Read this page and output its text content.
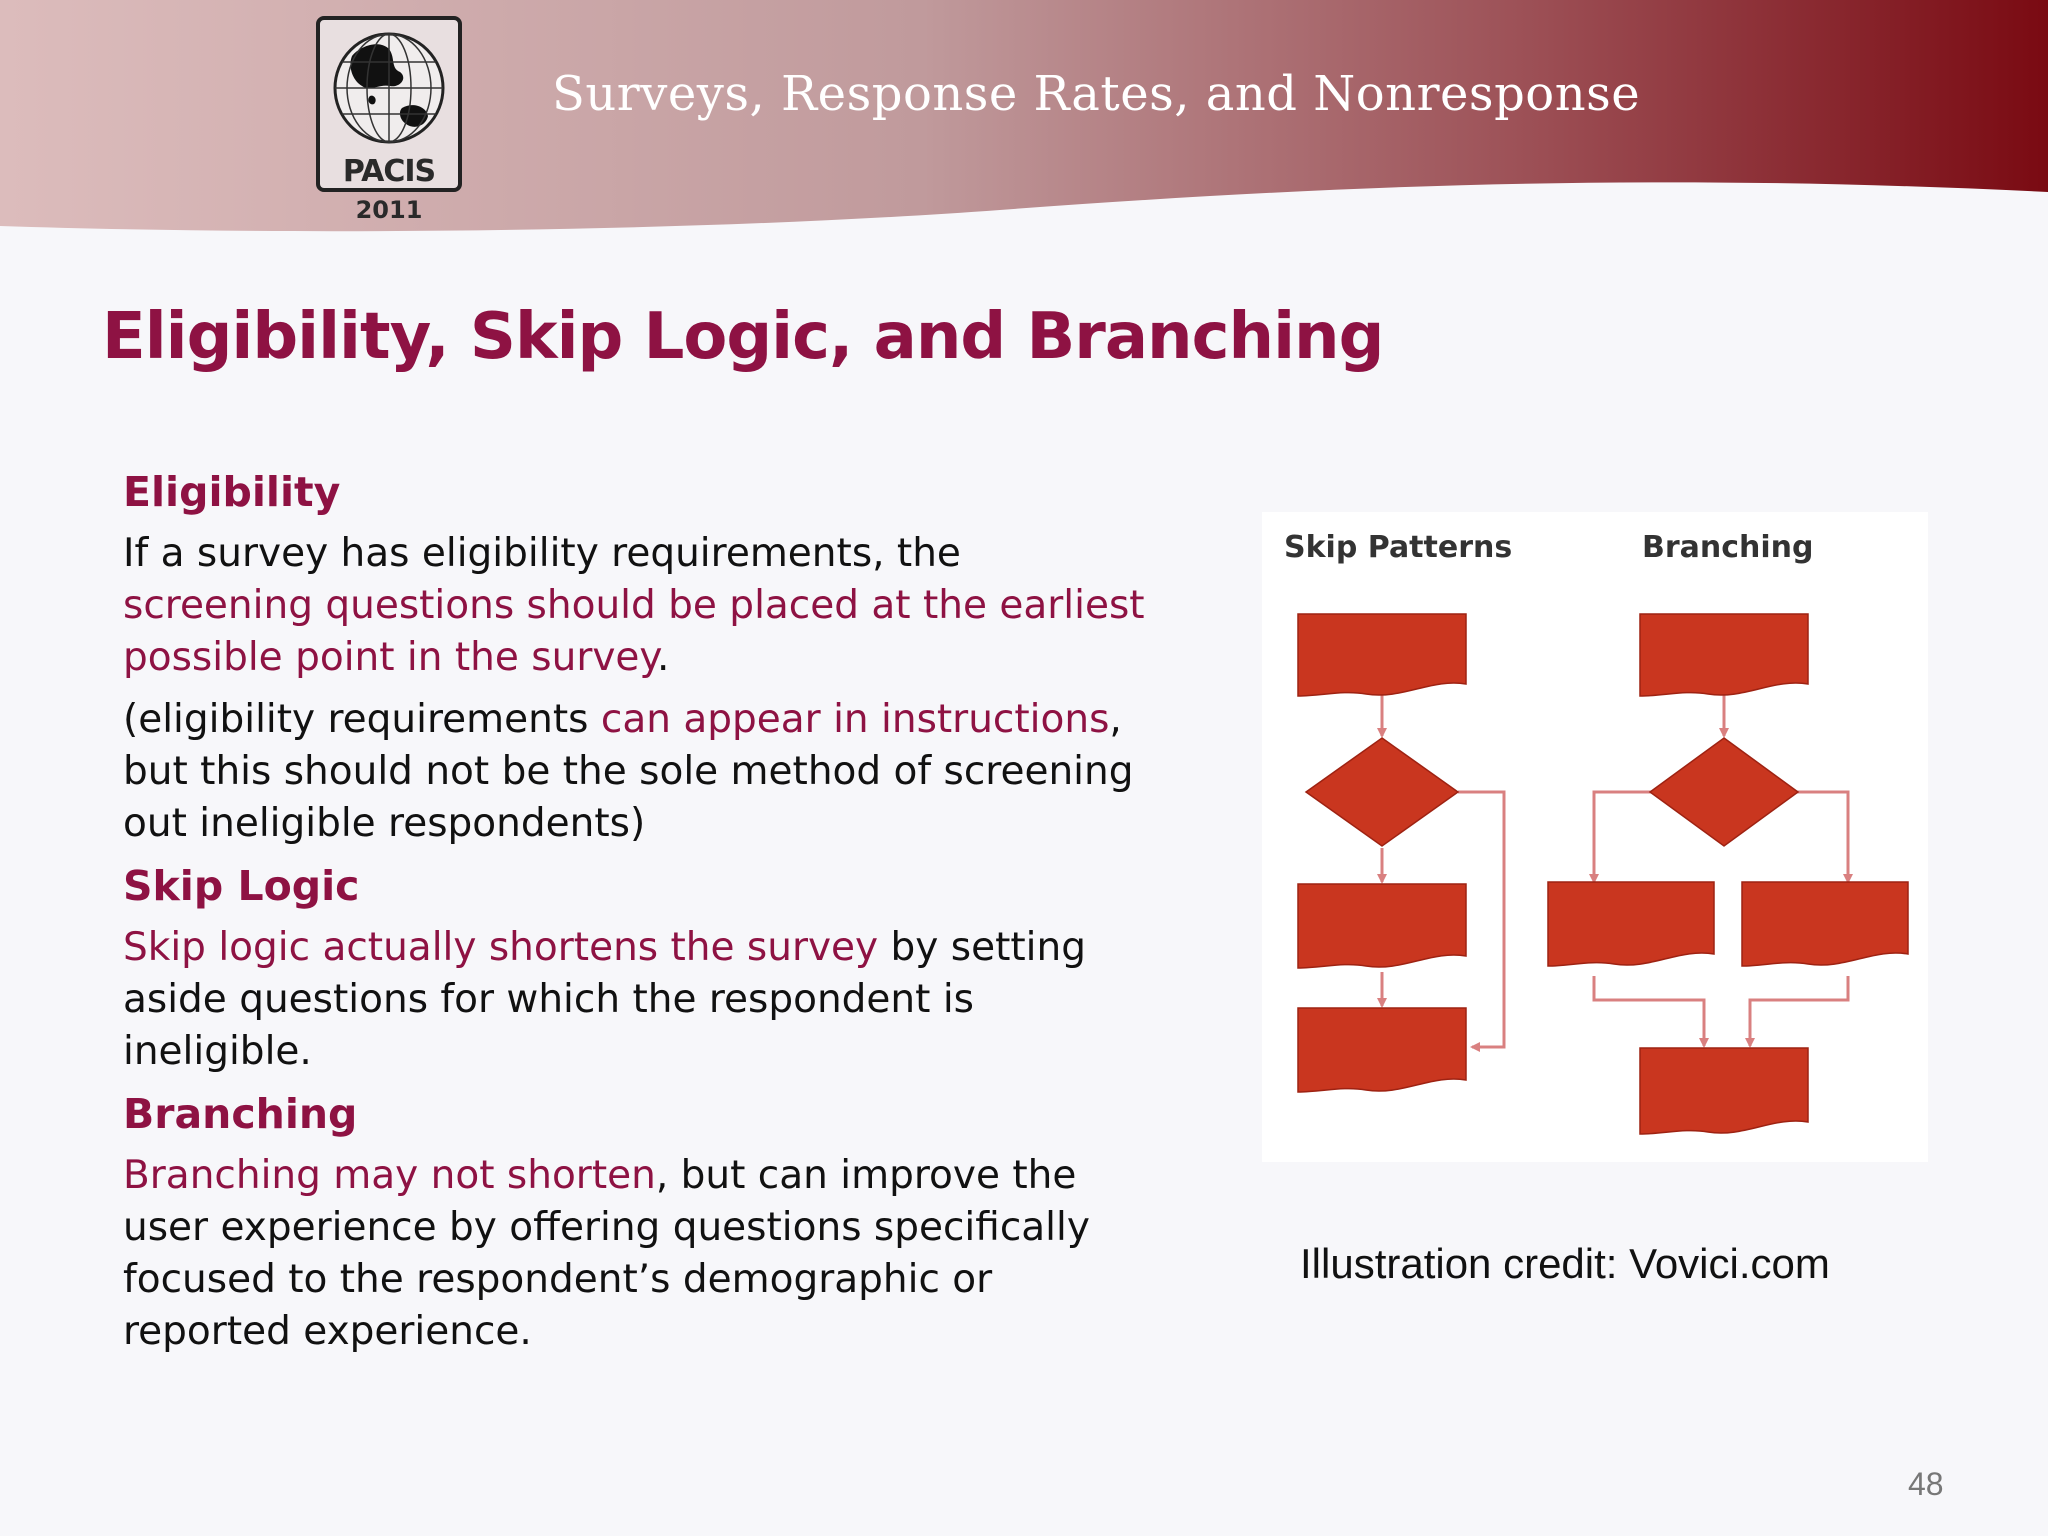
PACIS
2011
Surveys, Response Rates, and Nonresponse
Eligibility, Skip Logic, and Branching
Eligibility

If a survey has eligibility requirements, the screening questions should be placed at the earliest possible point in the survey.

(eligibility requirements can appear in instructions, but this should not be the sole method of screening out ineligible respondents)

Skip Logic

Skip logic actually shortens the survey by setting aside questions for which the respondent is ineligible.

Branching

Branching may not shorten, but can improve the user experience by offering questions specifically focused to the respondent’s demographic or reported experience.

Skip Patterns	Branching
Illustration credit: Vovici.com
48
